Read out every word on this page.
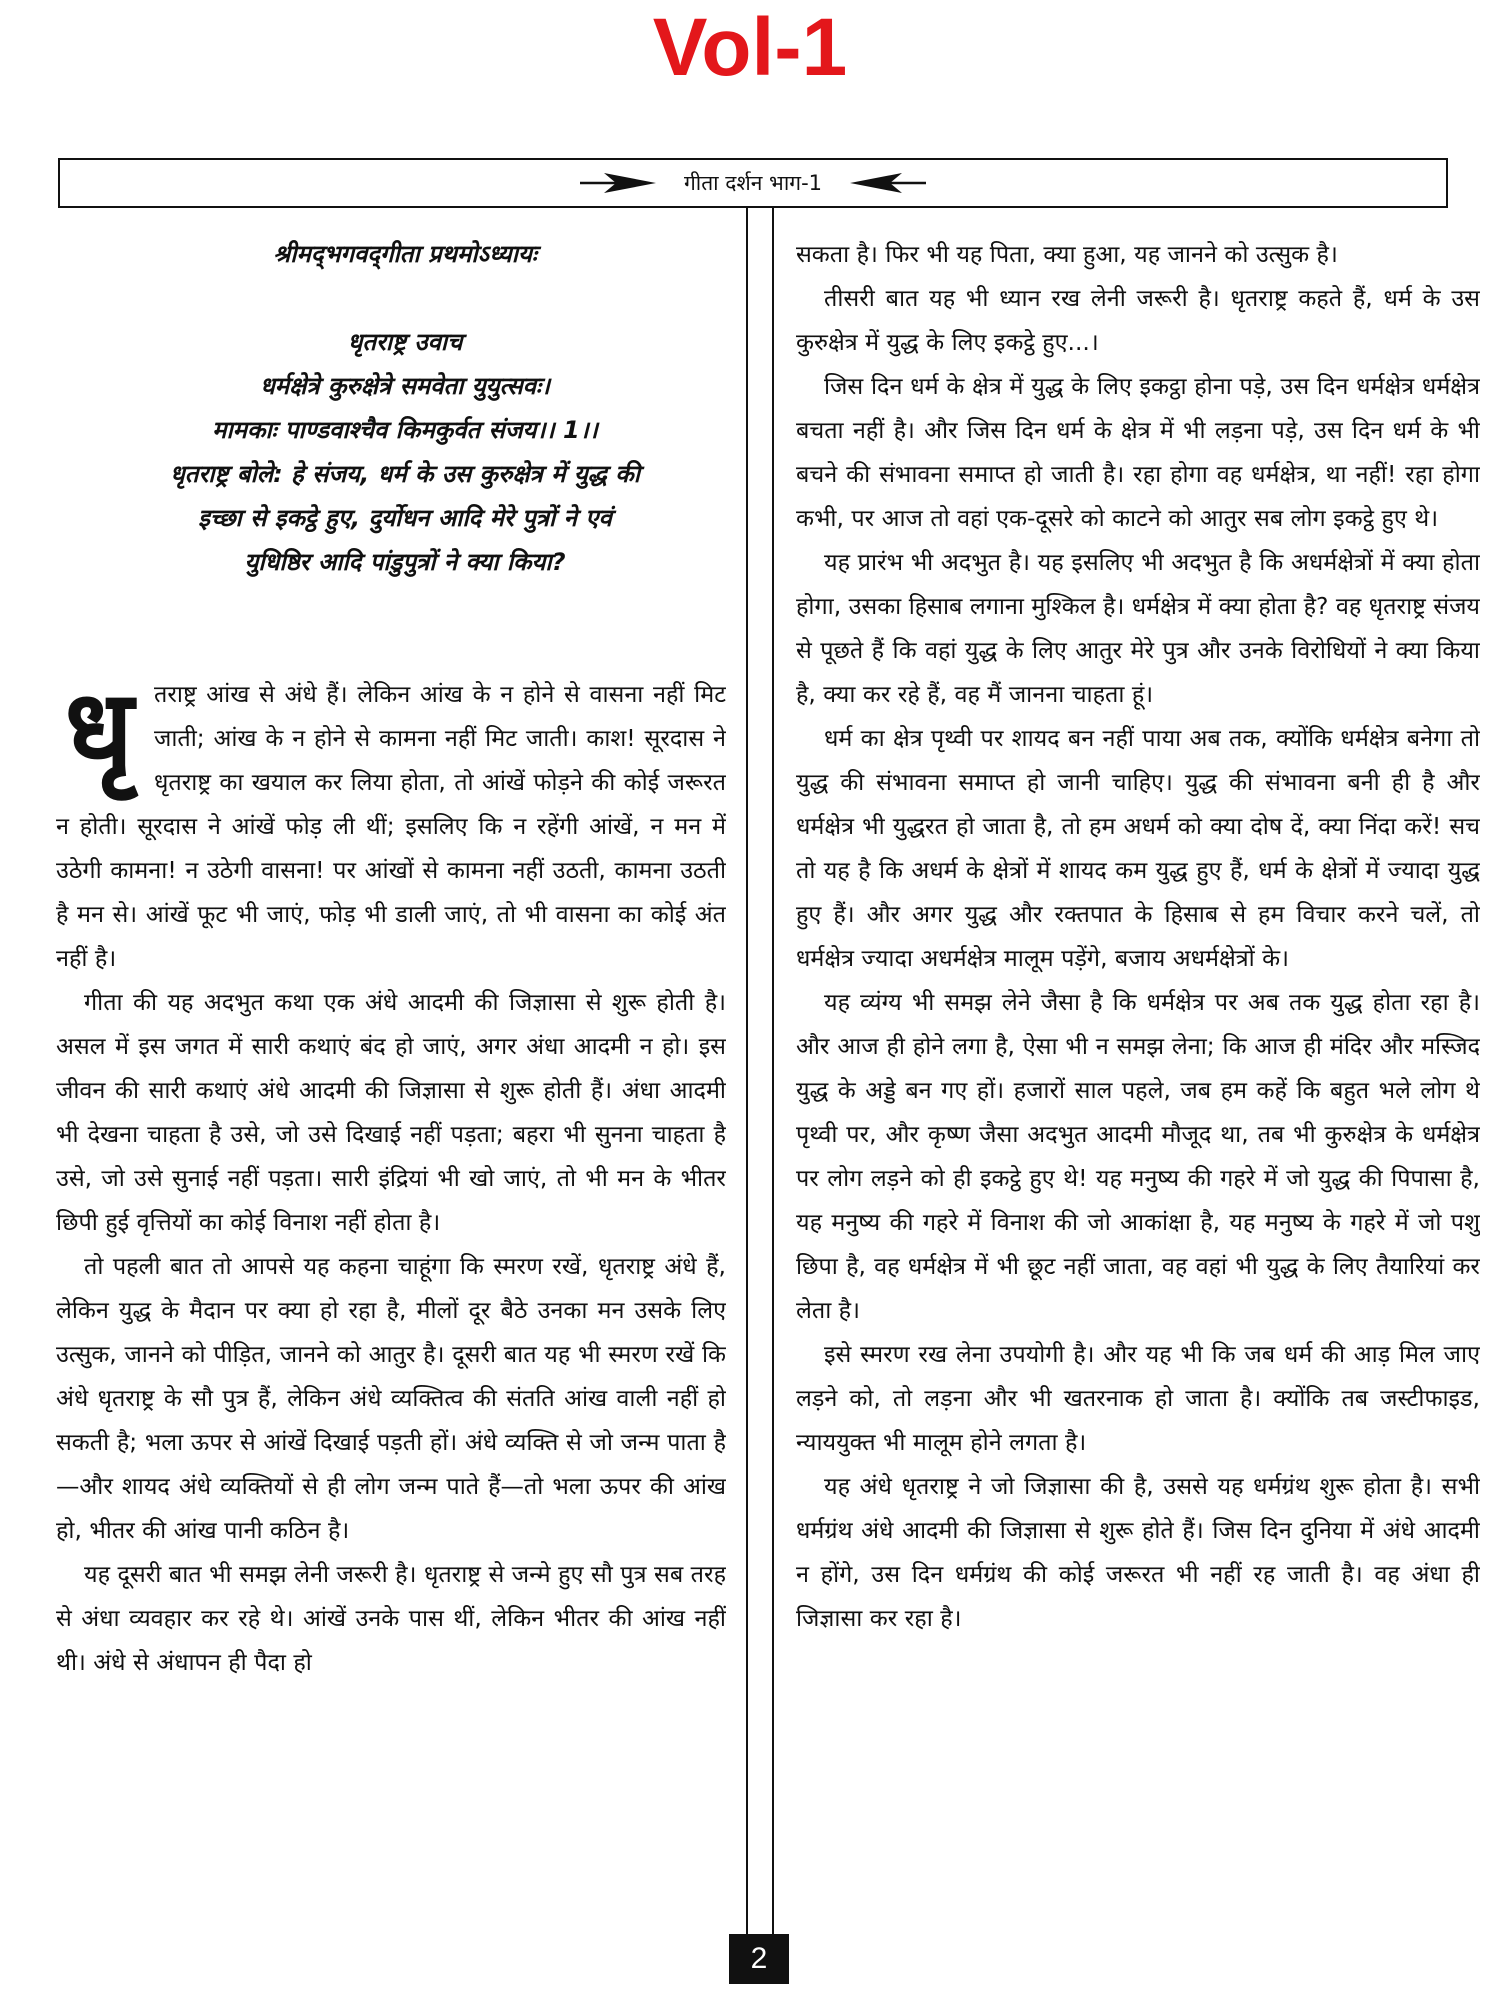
Vol-1
गीता दर्शन भाग-1

श्रीमद्‌भगवद्‌गीता प्रथमोऽध्यायः

धृतराष्ट्र उवाच

धर्मक्षेत्रे कुरुक्षेत्रे समवेता युयुत्सवः।

मामकाः पाण्डवाश्चैव किमकुर्वत संजय।। 1।।

धृतराष्ट्र बोले: हे संजय, धर्म के उस कुरुक्षेत्र में युद्ध की

इच्छा से इकट्ठे हुए, दुर्योधन आदि मेरे पुत्रों ने एवं

युधिष्ठिर आदि पांडुपुत्रों ने क्या किया?

धृतराष्ट्र आंख से अंधे हैं। लेकिन आंख के न होने से वासना नहीं मिट जाती; आंख के न होने से कामना नहीं मिट जाती। काश! सूरदास ने धृतराष्ट्र का खयाल कर लिया होता, तो आंखें फोड़ने की कोई जरूरत न होती। सूरदास ने आंखें फोड़ ली थीं; इसलिए कि न रहेंगी आंखें, न मन में उठेगी कामना! न उठेगी वासना! पर आंखों से कामना नहीं उठती, कामना उठती है मन से। आंखें फूट भी जाएं, फोड़ भी डाली जाएं, तो भी वासना का कोई अंत नहीं है।

गीता की यह अदभुत कथा एक अंधे आदमी की जिज्ञासा से शुरू होती है। असल में इस जगत में सारी कथाएं बंद हो जाएं, अगर अंधा आदमी न हो। इस जीवन की सारी कथाएं अंधे आदमी की जिज्ञासा से शुरू होती हैं। अंधा आदमी भी देखना चाहता है उसे, जो उसे दिखाई नहीं पड़ता; बहरा भी सुनना चाहता है उसे, जो उसे सुनाई नहीं पड़ता। सारी इंद्रियां भी खो जाएं, तो भी मन के भीतर छिपी हुई वृत्तियों का कोई विनाश नहीं होता है।

तो पहली बात तो आपसे यह कहना चाहूंगा कि स्मरण रखें, धृतराष्ट्र अंधे हैं, लेकिन युद्ध के मैदान पर क्या हो रहा है, मीलों दूर बैठे उनका मन उसके लिए उत्सुक, जानने को पीड़ित, जानने को आतुर है। दूसरी बात यह भी स्मरण रखें कि अंधे धृतराष्ट्र के सौ पुत्र हैं, लेकिन अंधे व्यक्तित्व की संतति आंख वाली नहीं हो सकती है; भला ऊपर से आंखें दिखाई पड़ती हों। अंधे व्यक्ति से जो जन्म पाता है—और शायद अंधे व्यक्तियों से ही लोग जन्म पाते हैं—तो भला ऊपर की आंख हो, भीतर की आंख पानी कठिन है।

यह दूसरी बात भी समझ लेनी जरूरी है। धृतराष्ट्र से जन्मे हुए सौ पुत्र सब तरह से अंधा व्यवहार कर रहे थे। आंखें उनके पास थीं, लेकिन भीतर की आंख नहीं थी। अंधे से अंधापन ही पैदा हो

सकता है। फिर भी यह पिता, क्या हुआ, यह जानने को उत्सुक है।

तीसरी बात यह भी ध्यान रख लेनी जरूरी है। धृतराष्ट्र कहते हैं, धर्म के उस कुरुक्षेत्र में युद्ध के लिए इकट्ठे हुए...।

जिस दिन धर्म के क्षेत्र में युद्ध के लिए इकट्ठा होना पड़े, उस दिन धर्मक्षेत्र धर्मक्षेत्र बचता नहीं है। और जिस दिन धर्म के क्षेत्र में भी लड़ना पड़े, उस दिन धर्म के भी बचने की संभावना समाप्त हो जाती है। रहा होगा वह धर्मक्षेत्र, था नहीं! रहा होगा कभी, पर आज तो वहां एक-दूसरे को काटने को आतुर सब लोग इकट्ठे हुए थे।

यह प्रारंभ भी अदभुत है। यह इसलिए भी अदभुत है कि अधर्मक्षेत्रों में क्या होता होगा, उसका हिसाब लगाना मुश्किल है। धर्मक्षेत्र में क्या होता है? वह धृतराष्ट्र संजय से पूछते हैं कि वहां युद्ध के लिए आतुर मेरे पुत्र और उनके विरोधियों ने क्या किया है, क्या कर रहे हैं, वह मैं जानना चाहता हूं।

धर्म का क्षेत्र पृथ्वी पर शायद बन नहीं पाया अब तक, क्योंकि धर्मक्षेत्र बनेगा तो युद्ध की संभावना समाप्त हो जानी चाहिए। युद्ध की संभावना बनी ही है और धर्मक्षेत्र भी युद्धरत हो जाता है, तो हम अधर्म को क्या दोष दें, क्या निंदा करें! सच तो यह है कि अधर्म के क्षेत्रों में शायद कम युद्ध हुए हैं, धर्म के क्षेत्रों में ज्यादा युद्ध हुए हैं। और अगर युद्ध और रक्तपात के हिसाब से हम विचार करने चलें, तो धर्मक्षेत्र ज्यादा अधर्मक्षेत्र मालूम पड़ेंगे, बजाय अधर्मक्षेत्रों के।

यह व्यंग्य भी समझ लेने जैसा है कि धर्मक्षेत्र पर अब तक युद्ध होता रहा है। और आज ही होने लगा है, ऐसा भी न समझ लेना; कि आज ही मंदिर और मस्जिद युद्ध के अड्डे बन गए हों। हजारों साल पहले, जब हम कहें कि बहुत भले लोग थे पृथ्वी पर, और कृष्ण जैसा अदभुत आदमी मौजूद था, तब भी कुरुक्षेत्र के धर्मक्षेत्र पर लोग लड़ने को ही इकट्ठे हुए थे! यह मनुष्य की गहरे में जो युद्ध की पिपासा है, यह मनुष्य की गहरे में विनाश की जो आकांक्षा है, यह मनुष्य के गहरे में जो पशु छिपा है, वह धर्मक्षेत्र में भी छूट नहीं जाता, वह वहां भी युद्ध के लिए तैयारियां कर लेता है।

इसे स्मरण रख लेना उपयोगी है। और यह भी कि जब धर्म की आड़ मिल जाए लड़ने को, तो लड़ना और भी खतरनाक हो जाता है। क्योंकि तब जस्टीफाइड, न्याययुक्त भी मालूम होने लगता है।

यह अंधे धृतराष्ट्र ने जो जिज्ञासा की है, उससे यह धर्मग्रंथ शुरू होता है। सभी धर्मग्रंथ अंधे आदमी की जिज्ञासा से शुरू होते हैं। जिस दिन दुनिया में अंधे आदमी न होंगे, उस दिन धर्मग्रंथ की कोई जरूरत भी नहीं रह जाती है। वह अंधा ही जिज्ञासा कर रहा है।

2
